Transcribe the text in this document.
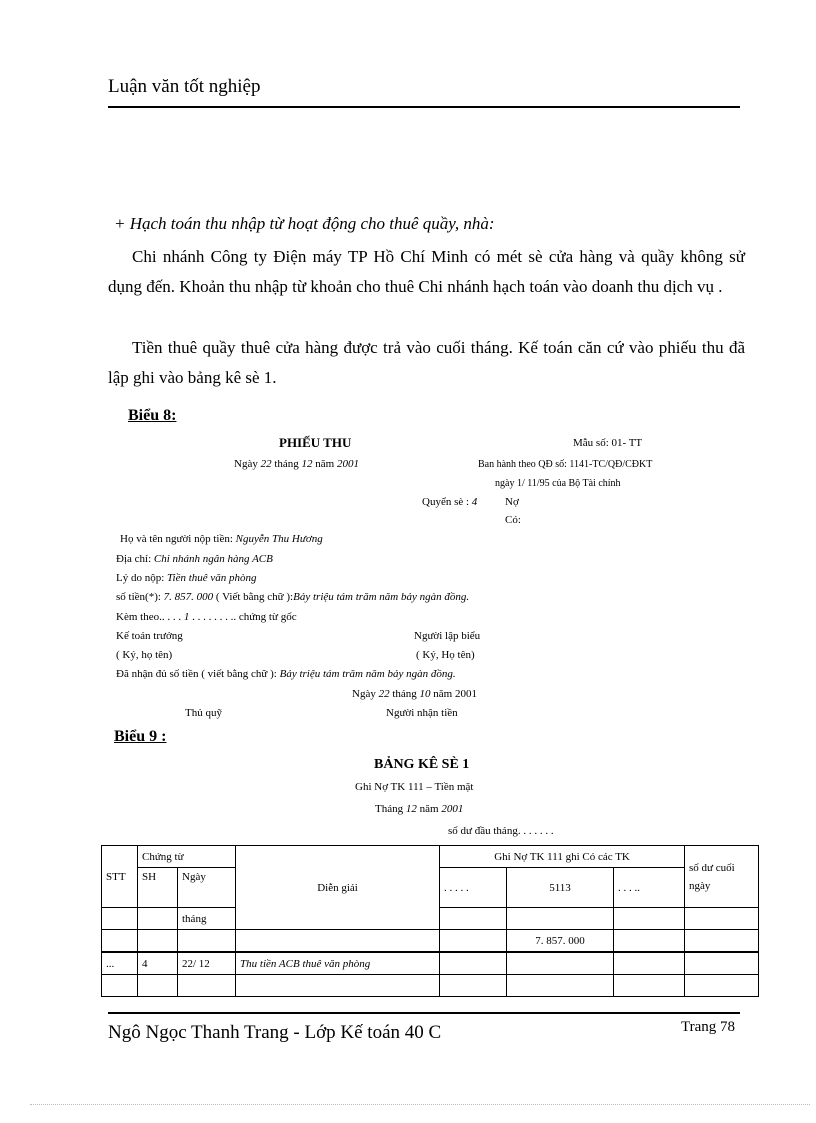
Luận văn tốt nghiệp
+ Hạch toán thu nhập từ hoạt động cho thuê quầy, nhà:
Chi nhánh Công ty Điện máy TP Hồ Chí Minh có mét sè cửa hàng và quầy không sử dụng đến. Khoản thu nhập từ khoản cho thuê Chi nhánh hạch toán vào doanh thu dịch vụ .
Tiền thuê quầy thuê cửa hàng được trả vào cuối tháng. Kế toán căn cứ vào phiếu thu đã lập ghi vào bảng kê sè 1.
Biểu 8:
PHIẾU THU
Ngày 22 tháng 12 năm 2001
Mẫu số: 01- TT
Ban hành theo QĐ số: 1141-TC/QĐ/CĐKT
ngày 1/ 11/95 của Bộ Tài chính
Quyển sè : 4	Nợ
Có:
Họ và tên người nộp tiền: Nguyễn Thu Hương
Địa chỉ: Chi nhánh ngân hàng ACB
Lý do nộp: Tiền thuê văn phòng
số tiền(*): 7. 857. 000 ( Viết bằng chữ ):Bảy triệu tám trăm năm bảy ngàn đồng.
Kèm theo.. . . . 1 . . . . . . . .. chứng từ gốc
Kế toán trưởng	Người lập biểu
( Ký, họ tên)	( Ký, Họ tên)
Đã nhận đủ số tiền ( viết bằng chữ ): Bảy triệu tám trăm năm bảy ngàn đồng.
Ngày 22 tháng 10 năm 2001
Thủ quỹ	Người nhận tiền
Biểu 9 :
BẢNG KÊ SÈ 1
Ghi Nợ TK 111 – Tiền mặt
Tháng 12 năm 2001
số dư đầu tháng. . . . . . .
STT	Chứng từ		Diễn giải	Ghi Nợ TK 111 ghi Có các TK			số dư cuối ngày
	SH	Ngày		. . . . .	5113	. . . ..	
		tháng					
					7. 857. 000		
...	4	22/ 12	Thu tiền ACB thuê văn phòng				

Ngô Ngọc Thanh Trang - Lớp Kế toán 40 C	Trang 78
